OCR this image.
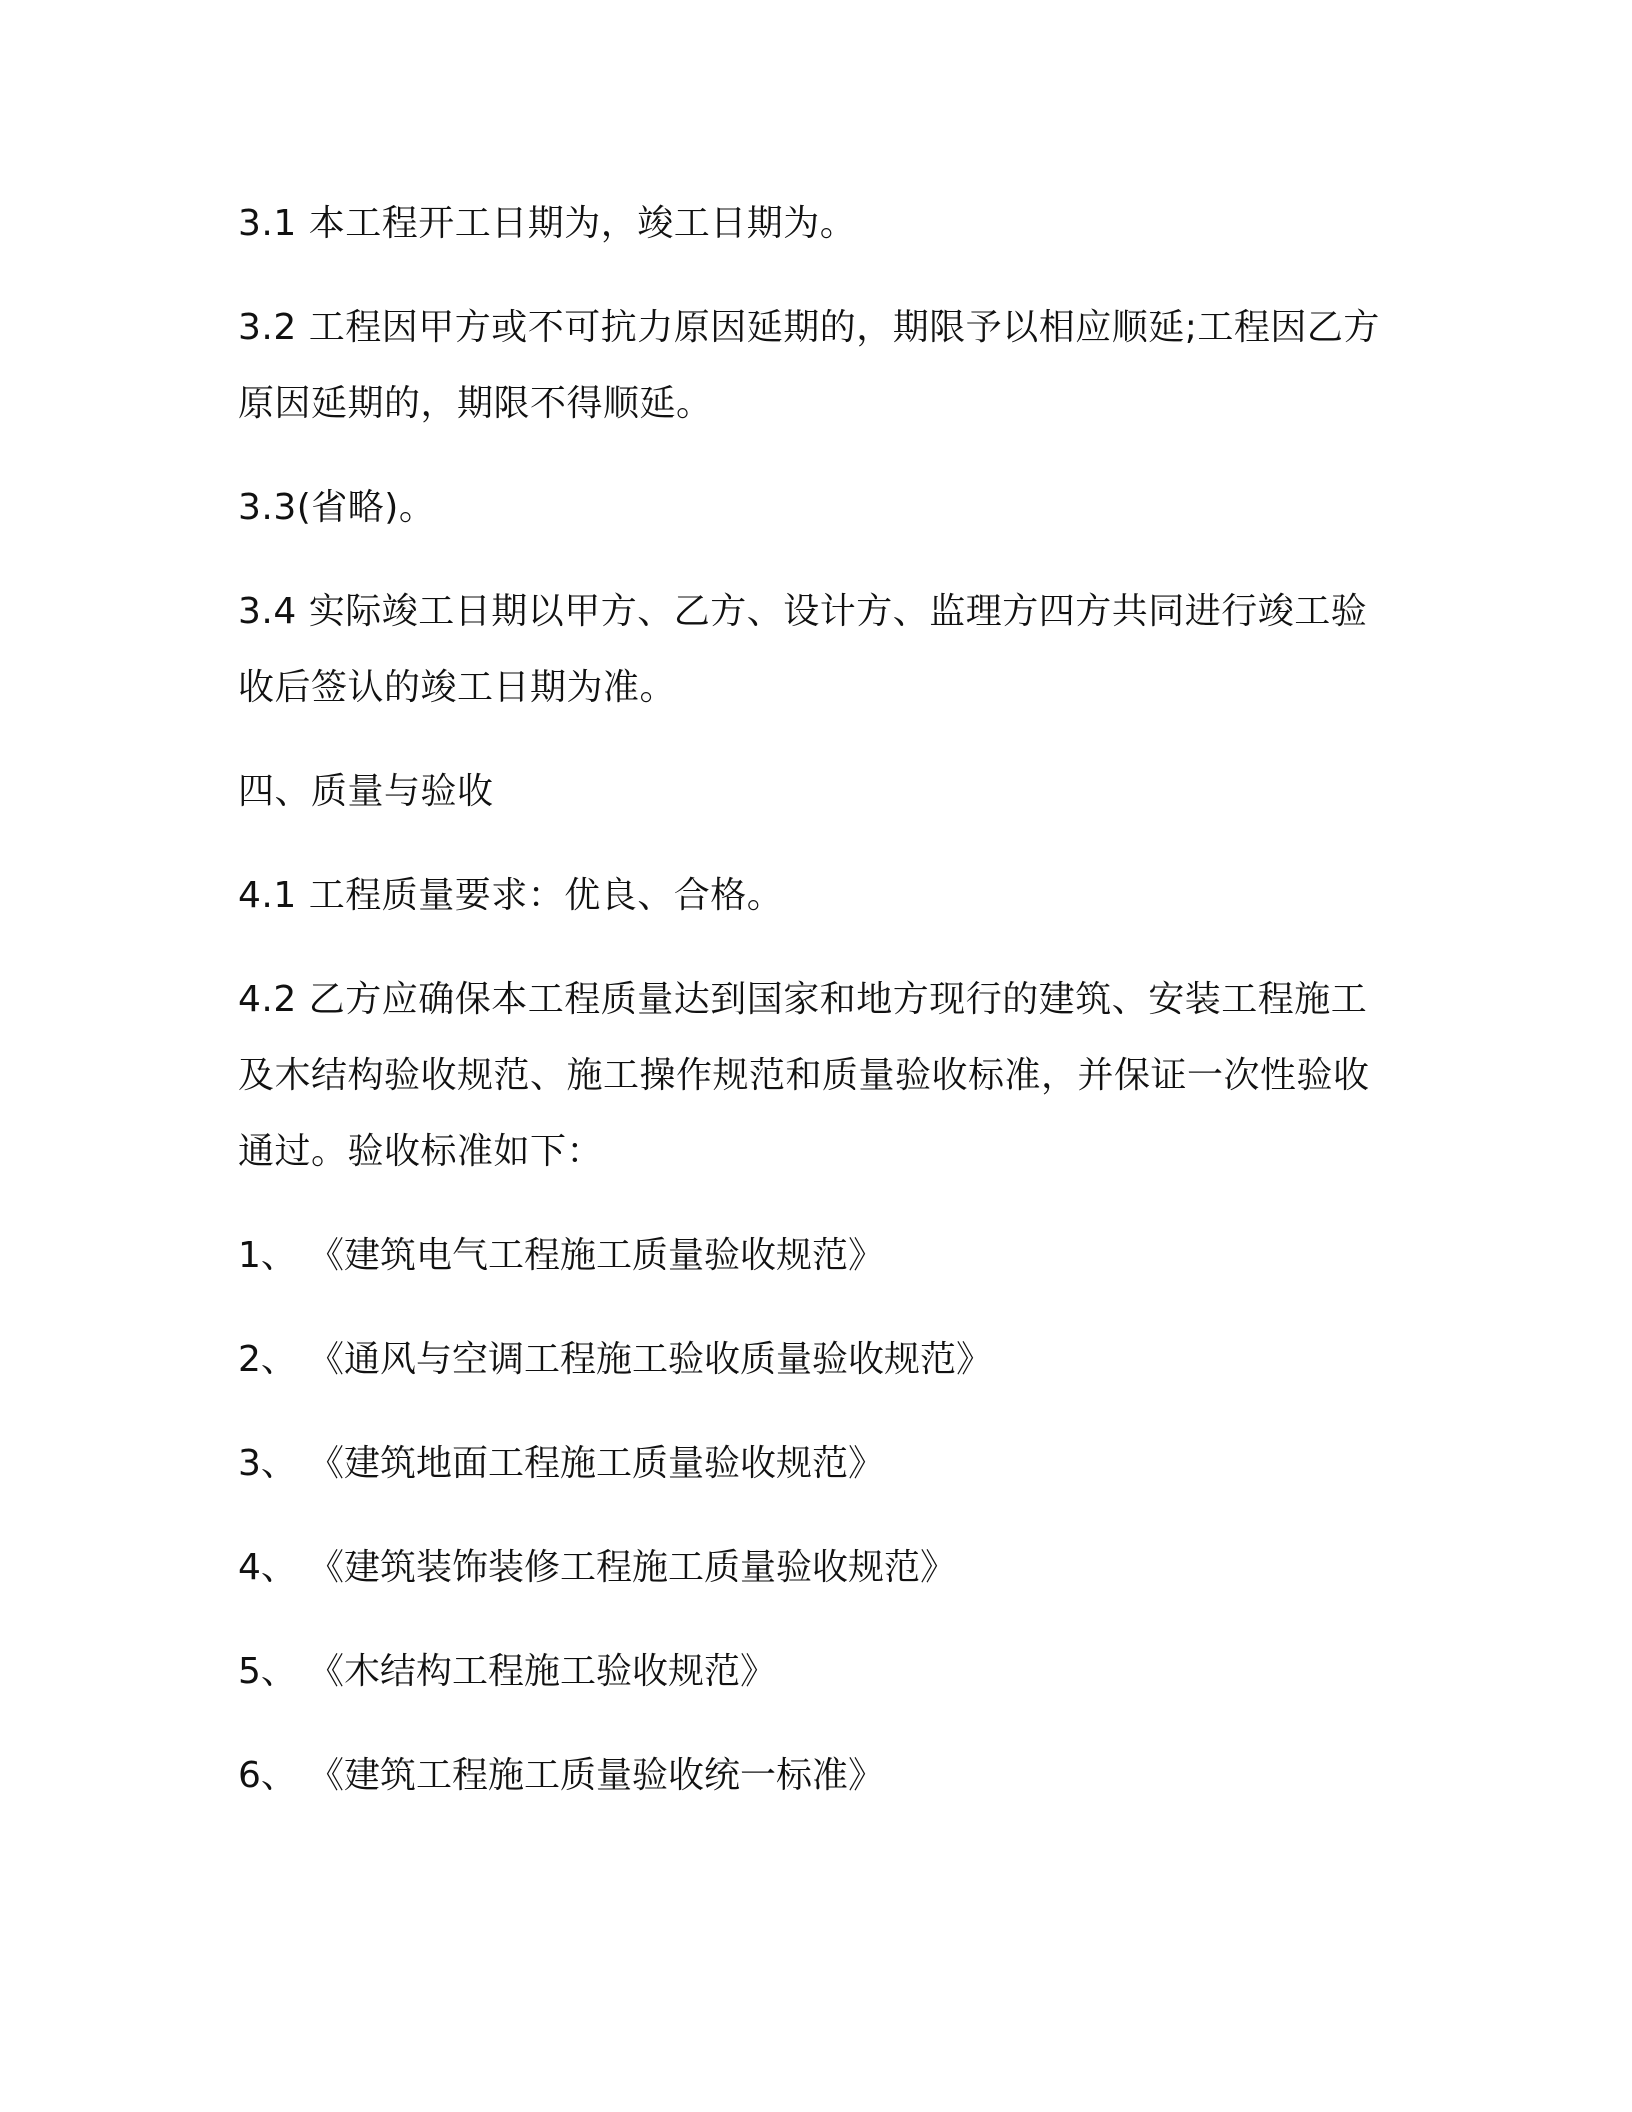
3.1 本工程开工日期为，竣工日期为。

3.2 工程因甲方或不可抗力原因延期的，期限予以相应顺延;工程因乙方原因延期的，期限不得顺延。

3.3(省略)。

3.4 实际竣工日期以甲方、乙方、设计方、监理方四方共同进行竣工验收后签认的竣工日期为准。

四、质量与验收

4.1 工程质量要求：优良、合格。

4.2 乙方应确保本工程质量达到国家和地方现行的建筑、安装工程施工及木结构验收规范、施工操作规范和质量验收标准，并保证一次性验收通过。验收标准如下：

1、 《建筑电气工程施工质量验收规范》
2、 《通风与空调工程施工验收质量验收规范》
3、 《建筑地面工程施工质量验收规范》
4、 《建筑装饰装修工程施工质量验收规范》
5、 《木结构工程施工验收规范》
6、 《建筑工程施工质量验收统一标准》
